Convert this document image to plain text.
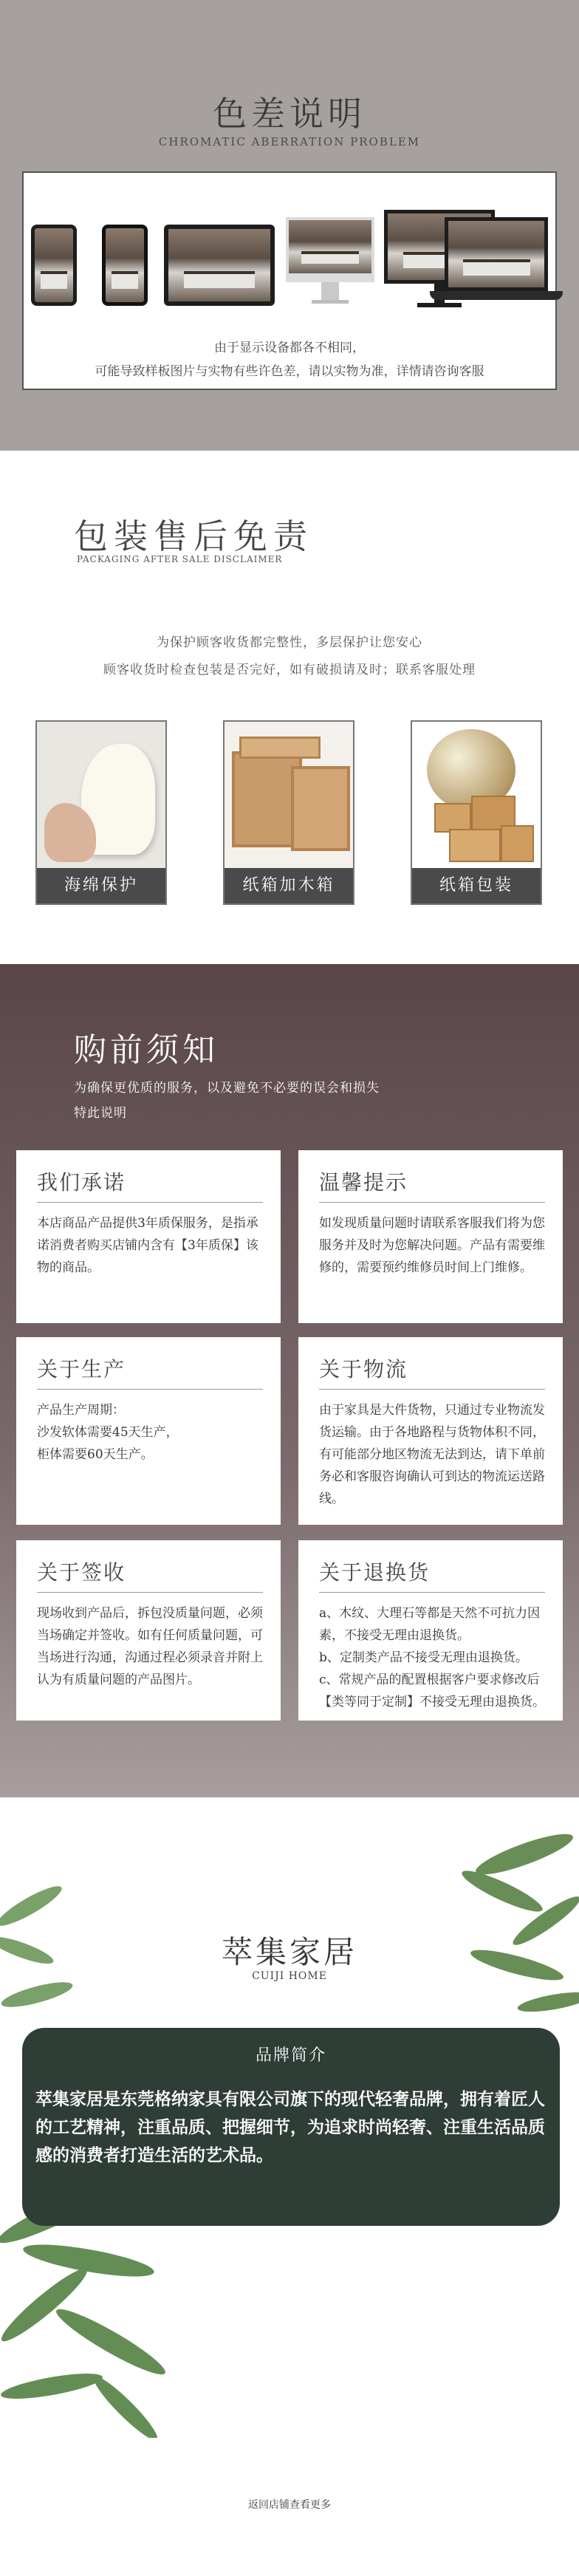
色差说明
CHROMATIC ABERRATION PROBLEM
由于显示设备都各不相同，
可能导致样板图片与实物有些许色差，请以实物为准，详情请咨询客服
包装售后免责
PACKAGING AFTER SALE DISCLAIMER
为保护顾客收货都完整性，多层保护让您安心
顾客收货时检查包装是否完好，如有破损请及时；联系客服处理
海绵保护	纸箱加木箱	纸箱包装
购前须知
为确保更优质的服务，以及避免不必要的误会和损失
特此说明
我们承诺
本店商品产品提供3年质保服务，是指承诺消费者购买店铺内含有【3年质保】该物的商品。
温馨提示
如发现质量问题时请联系客服我们将为您服务并及时为您解决问题。产品有需要维修的，需要预约维修员时间上门维修。
关于生产
产品生产周期：
沙发软体需要45天生产，
柜体需要60天生产。
关于物流
由于家具是大件货物，只通过专业物流发货运输。由于各地路程与货物体积不同，有可能部分地区物流无法到达，请下单前务必和客服咨询确认可到达的物流运送路线。
关于签收
现场收到产品后，拆包没质量问题，必须当场确定并签收。如有任何质量问题，可当场进行沟通，沟通过程必须录音并附上认为有质量问题的产品图片。
关于退换货
a、木纹、大理石等都是天然不可抗力因素，不接受无理由退换货。
b、定制类产品不接受无理由退换货。
c、常规产品的配置根据客户要求修改后【类等同于定制】不接受无理由退换货。
萃集家居
CUIJI HOME
品牌简介
萃集家居是东莞格纳家具有限公司旗下的现代轻奢品牌，拥有着匠人的工艺精神，注重品质、把握细节，为追求时尚轻奢、注重生活品质感的消费者打造生活的艺术品。
返回店铺查看更多
